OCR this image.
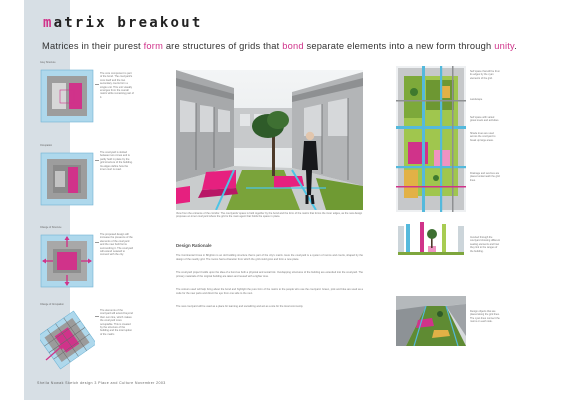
matrix breakout
Matrices in their purest form are structures of grids that bond separate elements into a new form through unity.
Grey Structure
The core component is part of the bond. The courtyard's core itself and the two secondary courts form a single unit. This unit visually emerges from the overall matrix while remaining part of it.
Occupation
The courtyard is slotted between two zones and is partly held in place by the grid structure of the building. Its edges define how the inner court is read.
Change of Structure
The proposed design will increase the presence of the elements of the courtyard and the new built forms surrounding it. The courtyard will extend outward to connect with the city.
Change of Occupation
The elements of the courtyard will extend beyond their own line, which makes the courtyard more occupiable. This is created by the structure of the building and the interruption of the matrix.
View from the entrance of the corridor. The courtyards' space is held together by the bond and the form of the matrix that forms the inner edges, as the new design proposes an inner courtyard where the grid is the main agent that holds the space in place.
Design Rationale
The Continental Cross in Brighton is an old building structure that is part of the city's matrix. Here the courtyard is a system of rooms and courts, shaped by the design of the nearby grid. The rooms had a character from which the grid could grow and form a new place.
The courtyard project builds upon the idea of a bond as both a physical and social link. Overlapping structures of the building are extended into the courtyard. The primary materials of the original building are taken and reused with a lighter tone.
The colours used will help bring about the bond and highlight the pure form of the matrix to the people who use the courtyard. Green, pink and blue are used as a code for the new parts and direct the eye from one side to the next.
The new courtyard will be used as a place for learning and socializing and act as a site for the local community.
Self space that will be lit at its edges by the cyan elements of the grid.
Landscape
Self space with varied grass levels and activities.
Shade trees are used across the courtyard to break up large areas.
Drainage and services are placed underneath the grid lines.
Inverted through the courtyard showing different seating elements and how they link to the ranges of the building.
Design objects that are placed along the grid lines. The cyan lines connect the rooms on each side.
Sheila Nowak Sketch design 3 Place and Culture November 2003
